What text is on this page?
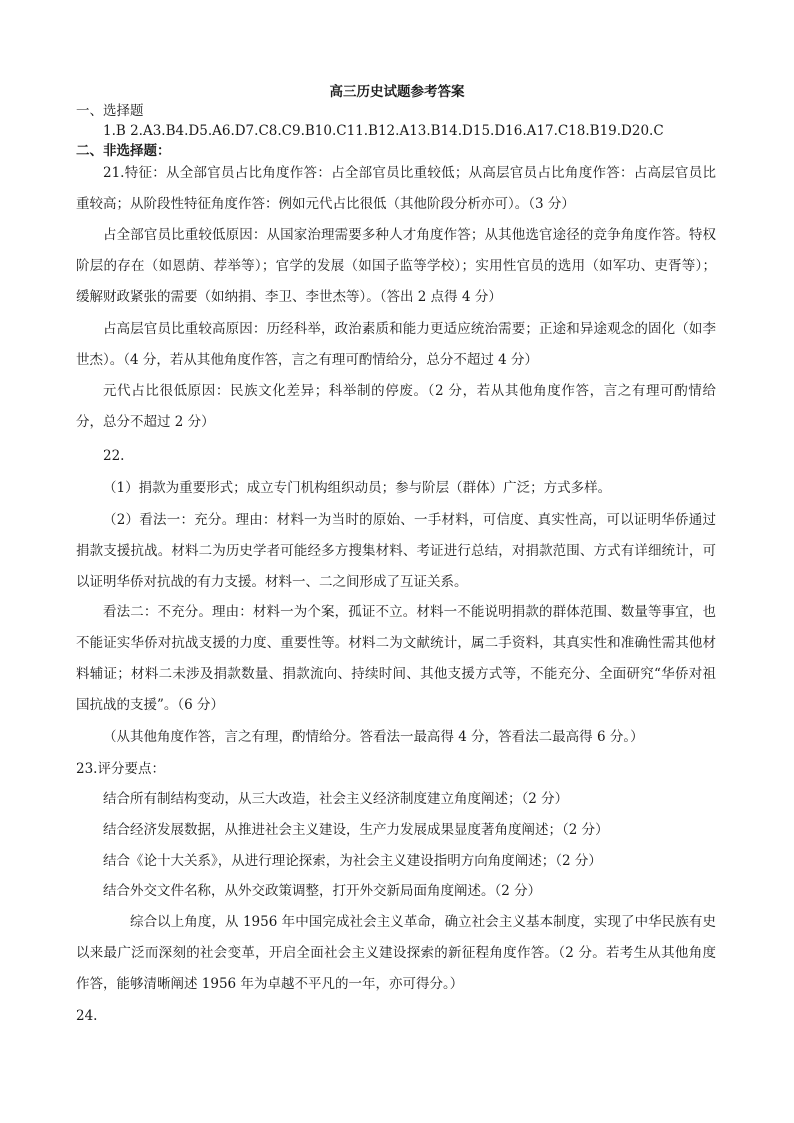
高三历史试题参考答案

一、选择题

1.B 2.A3.B4.D5.A6.D7.C8.C9.B10.C11.B12.A13.B14.D15.D16.A17.C18.B19.D20.C

二、非选择题：

21.特征：从全部官员占比角度作答：占全部官员比重较低；从高层官员占比角度作答：占高层官员比重较高；从阶段性特征角度作答：例如元代占比很低（其他阶段分析亦可）。（3 分）

占全部官员比重较低原因：从国家治理需要多种人才角度作答；从其他选官途径的竞争角度作答。特权阶层的存在（如恩荫、荐举等）；官学的发展（如国子监等学校）；实用性官员的选用（如军功、吏胥等）；缓解财政紧张的需要（如纳捐、李卫、李世杰等）。（答出 2 点得 4 分）

占高层官员比重较高原因：历经科举，政治素质和能力更适应统治需要；正途和异途观念的固化（如李世杰）。（4 分，若从其他角度作答，言之有理可酌情给分，总分不超过 4 分）

元代占比很低原因：民族文化差异；科举制的停废。（2 分，若从其他角度作答，言之有理可酌情给分，总分不超过 2 分）

22.

（1）捐款为重要形式；成立专门机构组织动员；参与阶层（群体）广泛；方式多样。

（2）看法一：充分。理由：材料一为当时的原始、一手材料，可信度、真实性高，可以证明华侨通过捐款支援抗战。材料二为历史学者可能经多方搜集材料、考证进行总结，对捐款范围、方式有详细统计，可以证明华侨对抗战的有力支援。材料一、二之间形成了互证关系。

看法二：不充分。理由：材料一为个案，孤证不立。材料一不能说明捐款的群体范围、数量等事宜，也不能证实华侨对抗战支援的力度、重要性等。材料二为文献统计，属二手资料，其真实性和准确性需其他材料辅证；材料二未涉及捐款数量、捐款流向、持续时间、其他支援方式等，不能充分、全面研究“华侨对祖国抗战的支援”。（6 分）

（从其他角度作答，言之有理，酌情给分。答看法一最高得 4 分，答看法二最高得 6 分。）

23.评分要点：

结合所有制结构变动，从三大改造，社会主义经济制度建立角度阐述；（2 分）

结合经济发展数据，从推进社会主义建设，生产力发展成果显度著角度阐述；（2 分）

结合《论十大关系》，从进行理论探索，为社会主义建设指明方向角度阐述；（2 分）

结合外交文件名称，从外交政策调整，打开外交新局面角度阐述。（2 分）

综合以上角度，从 1956 年中国完成社会主义革命，确立社会主义基本制度，实现了中华民族有史以来最广泛而深刻的社会变革，开启全面社会主义建设探索的新征程角度作答。（2 分。若考生从其他角度作答，能够清晰阐述 1956 年为卓越不平凡的一年，亦可得分。）

24.
